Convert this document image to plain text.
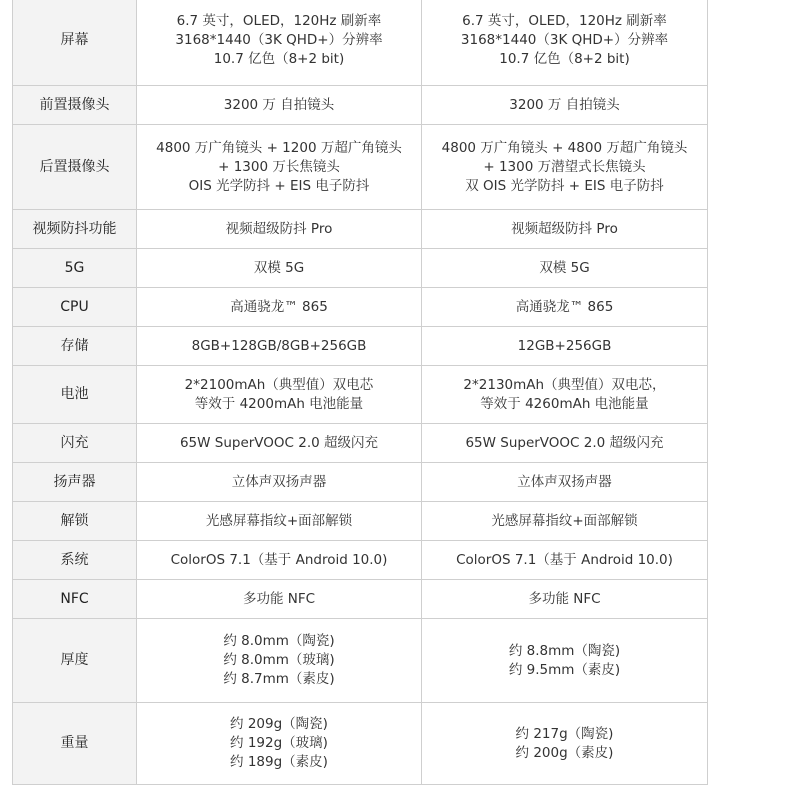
屏幕	6.7 英寸，OLED，120Hz 刷新率
3168*1440（3K QHD+）分辨率
10.7 亿色（8+2 bit)	6.7 英寸，OLED，120Hz 刷新率
3168*1440（3K QHD+）分辨率
10.7 亿色（8+2 bit)

前置摄像头	3200 万 自拍镜头	3200 万 自拍镜头

后置摄像头	4800 万广角镜头 + 1200 万超广角镜头
+ 1300 万长焦镜头
OIS 光学防抖 + EIS 电子防抖	4800 万广角镜头 + 4800 万超广角镜头
+ 1300 万潜望式长焦镜头
双 OIS 光学防抖 + EIS 电子防抖

视频防抖功能	视频超级防抖 Pro	视频超级防抖 Pro

5G	双模 5G	双模 5G

CPU	高通骁龙™ 865	高通骁龙™ 865

存储	8GB+128GB/8GB+256GB	12GB+256GB

电池	2*2100mAh（典型值）双电芯
等效于 4200mAh 电池能量	2*2130mAh（典型值）双电芯，
等效于 4260mAh 电池能量

闪充	65W SuperVOOC 2.0 超级闪充	65W SuperVOOC 2.0 超级闪充

扬声器	立体声双扬声器	立体声双扬声器

解锁	光感屏幕指纹+面部解锁	光感屏幕指纹+面部解锁

系统	ColorOS 7.1（基于 Android 10.0)	ColorOS 7.1（基于 Android 10.0)

NFC	多功能 NFC	多功能 NFC

厚度	约 8.0mm（陶瓷)
约 8.0mm（玻璃)
约 8.7mm（素皮)	约 8.8mm（陶瓷)
约 9.5mm（素皮)

重量	约 209g（陶瓷)
约 192g（玻璃)
约 189g（素皮)	约 217g（陶瓷)
约 200g（素皮)
